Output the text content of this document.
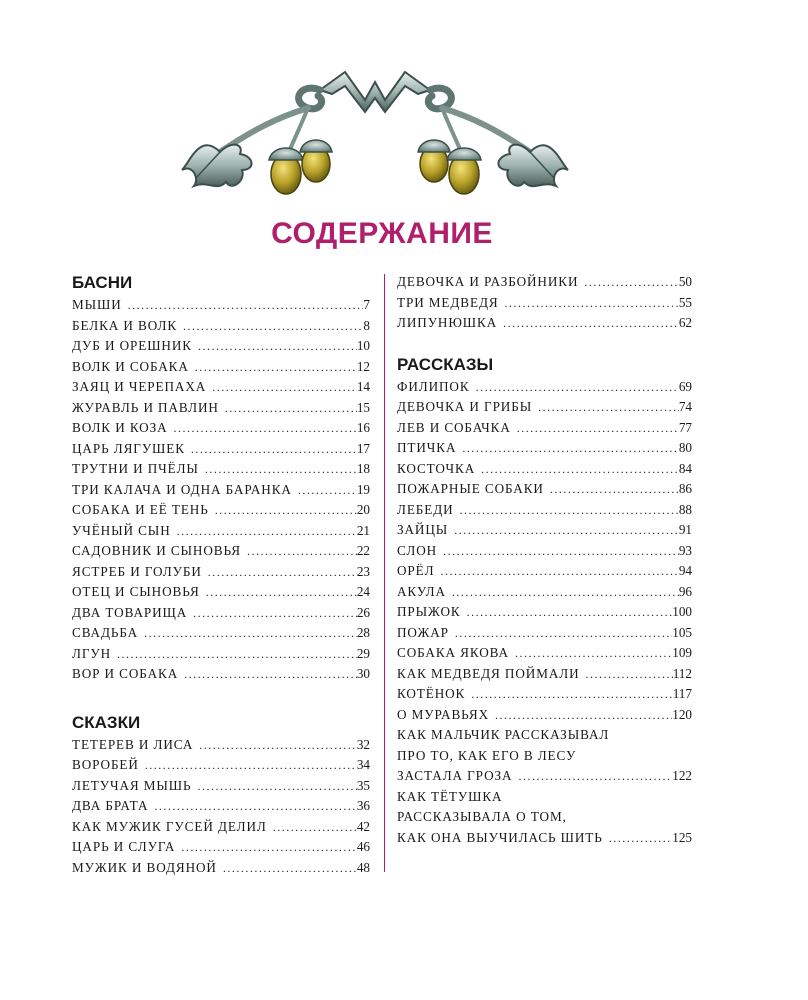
СОДЕРЖАНИЕ
БАСНИ
МЫШИ .....	7
БЕЛКА И ВОЛК .....	8
ДУБ И ОРЕШНИК .....	10
ВОЛК И СОБАКА .....	12
ЗАЯЦ И ЧЕРЕПАХА .....	14
ЖУРАВЛЬ И ПАВЛИН .....	15
ВОЛК И КОЗА .....	16
ЦАРЬ ЛЯГУШЕК .....	17
ТРУТНИ И ПЧЁЛЫ .....	18
ТРИ КАЛАЧА И ОДНА БАРАНКА .....	19
СОБАКА И ЕЁ ТЕНЬ .....	20
УЧЁНЫЙ СЫН .....	21
САДОВНИК И СЫНОВЬЯ .....	22
ЯСТРЕБ И ГОЛУБИ .....	23
ОТЕЦ И СЫНОВЬЯ .....	24
ДВА ТОВАРИЩА .....	26
СВАДЬБА .....	28
ЛГУН .....	29
ВОР И СОБАКА .....	30
СКАЗКИ
ТЕТЕРЕВ И ЛИСА .....	32
ВОРОБЕЙ .....	34
ЛЕТУЧАЯ МЫШЬ .....	35
ДВА БРАТА .....	36
КАК МУЖИК ГУСЕЙ ДЕЛИЛ .....	42
ЦАРЬ И СЛУГА .....	46
МУЖИК И ВОДЯНОЙ .....	48
ДЕВОЧКА И РАЗБОЙНИКИ .....	50
ТРИ МЕДВЕДЯ .....	55
ЛИПУНЮШКА .....	62
РАССКАЗЫ
ФИЛИПОК .....	69
ДЕВОЧКА И ГРИБЫ .....	74
ЛЕВ И СОБАЧКА .....	77
ПТИЧКА .....	80
КОСТОЧКА .....	84
ПОЖАРНЫЕ СОБАКИ .....	86
ЛЕБЕДИ .....	88
ЗАЙЦЫ .....	91
СЛОН .....	93
ОРЁЛ .....	94
АКУЛА .....	96
ПРЫЖОК .....	100
ПОЖАР .....	105
СОБАКА ЯКОВА .....	109
КАК МЕДВЕДЯ ПОЙМАЛИ .....	112
КОТЁНОК .....	117
О МУРАВЬЯХ .....	120
КАК МАЛЬЧИК РАССКАЗЫВАЛ
ПРО ТО, КАК ЕГО В ЛЕСУ
ЗАСТАЛА ГРОЗА .....	122
КАК ТЁТУШКА
РАССКАЗЫВАЛА О ТОМ,
КАК ОНА ВЫУЧИЛАСЬ ШИТЬ .....	125
